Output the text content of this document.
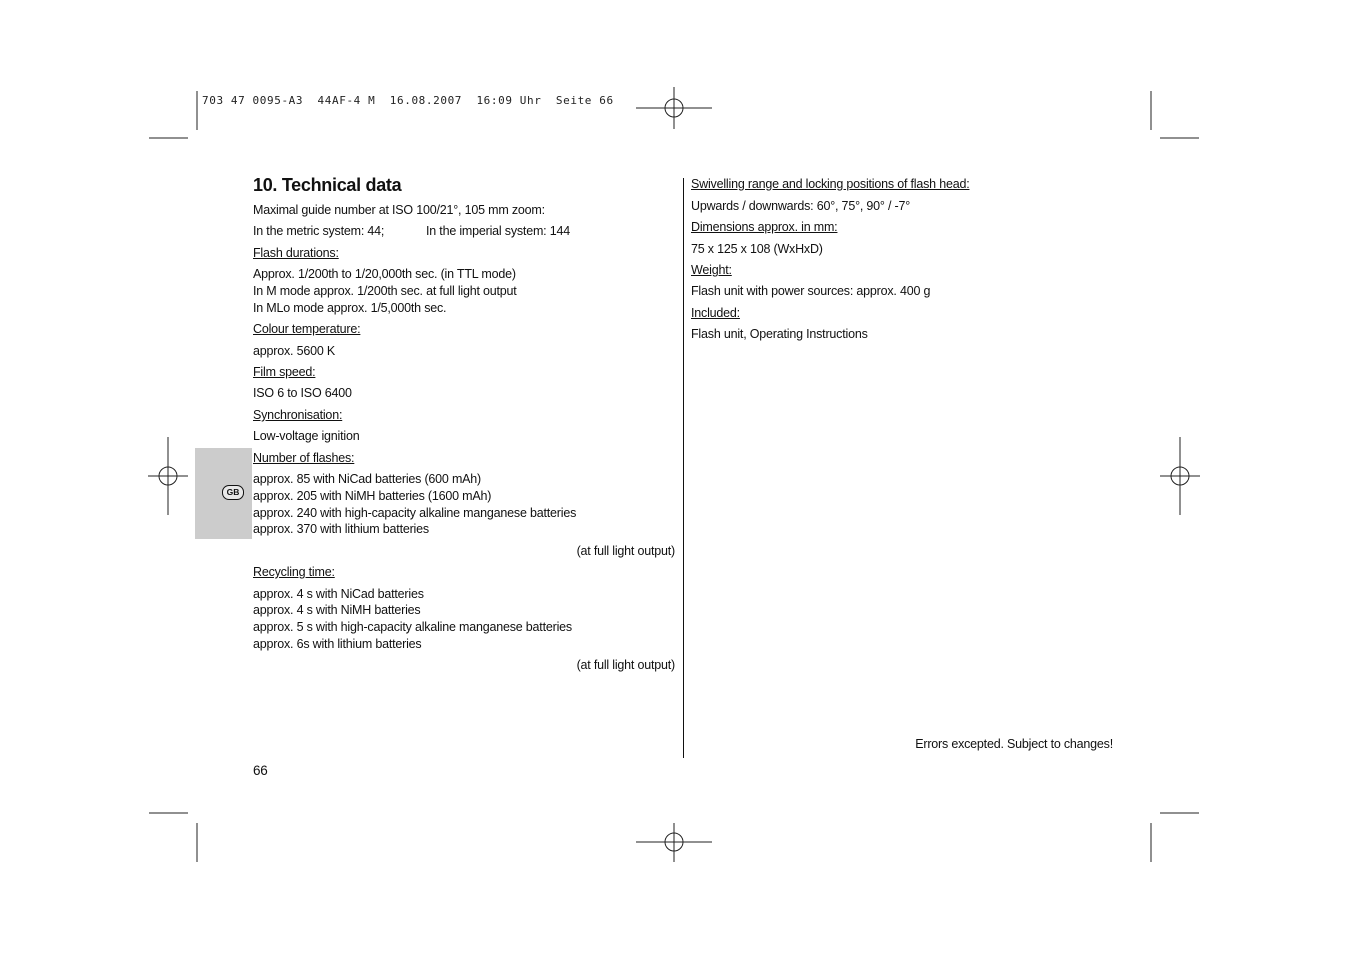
703 47 0095-A3  44AF-4 M  16.08.2007  16:09 Uhr  Seite 66
GB
10. Technical data
Maximal guide number at ISO 100/21°, 105 mm zoom:
In the metric system: 44;	In the imperial system: 144
Flash durations:
Approx. 1/200th to 1/20,000th sec. (in TTL mode)
In M mode approx. 1/200th sec. at full light output
In MLo mode approx. 1/5,000th sec.
Colour temperature:
approx. 5600 K
Film speed:
ISO 6 to ISO 6400
Synchronisation:
Low-voltage ignition
Number of flashes:
approx. 85 with NiCad batteries (600 mAh)
approx. 205 with NiMH batteries (1600 mAh)
approx. 240 with high-capacity alkaline manganese batteries
approx. 370 with lithium batteries
(at full light output)
Recycling time:
approx. 4 s with NiCad batteries
approx. 4 s with NiMH batteries
approx. 5 s with high-capacity alkaline manganese batteries
approx. 6s with lithium batteries
(at full light output)
66
Swivelling range and locking positions of flash head:
Upwards / downwards: 60°, 75°, 90° / -7°
Dimensions approx. in mm:
75 x 125 x 108 (WxHxD)
Weight:
Flash unit with power sources: approx. 400 g
Included:
Flash unit, Operating Instructions
Errors excepted. Subject to changes!
